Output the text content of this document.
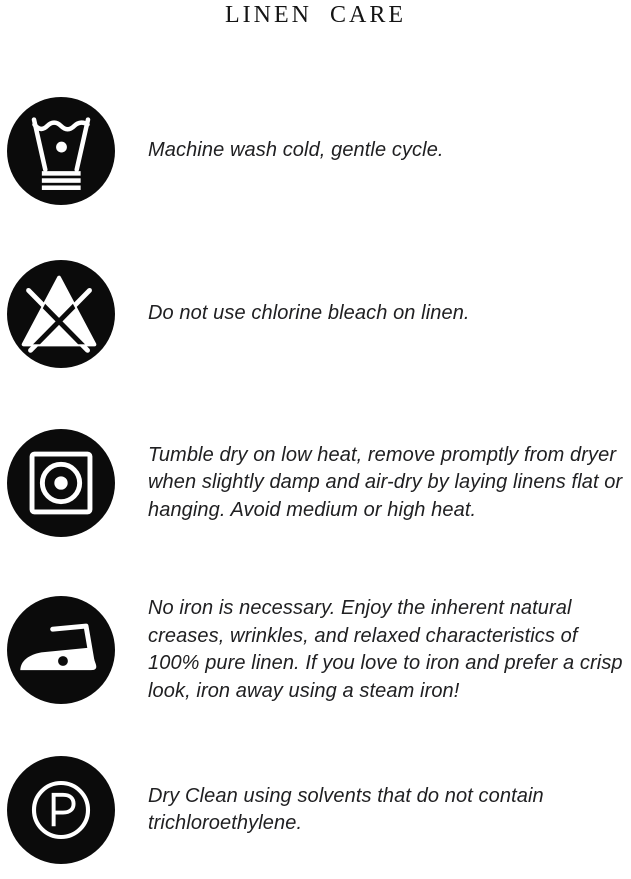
LINEN CARE

Machine wash cold, gentle cycle.

Do not use chlorine bleach on linen.

Tumble dry on low heat, remove promptly from dryer when slightly damp and air-dry by laying linens flat or hanging. Avoid medium or high heat.

No iron is necessary. Enjoy the inherent natural creases, wrinkles, and relaxed characteristics of 100% pure linen. If you love to iron and prefer a crisp look, iron away using a steam iron!

Dry Clean using solvents that do not contain trichloroethylene.
